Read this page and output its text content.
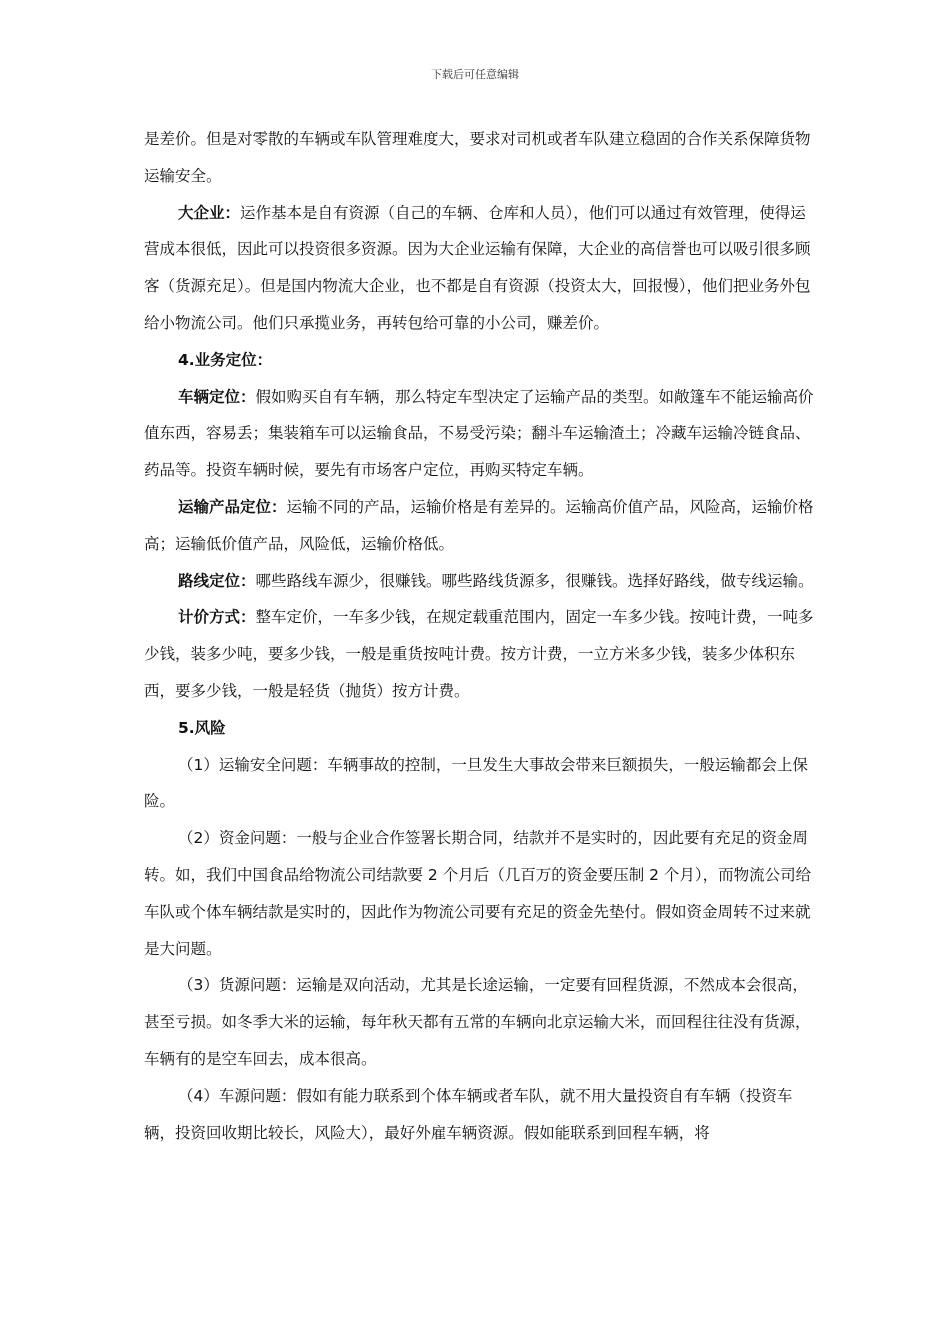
下载后可任意编辑

是差价。但是对零散的车辆或车队管理难度大，要求对司机或者车队建立稳固的合作关系保障货物运输安全。

大企业：运作基本是自有资源（自己的车辆、仓库和人员），他们可以通过有效管理，使得运营成本很低，因此可以投资很多资源。因为大企业运输有保障，大企业的高信誉也可以吸引很多顾客（货源充足）。但是国内物流大企业，也不都是自有资源（投资太大，回报慢），他们把业务外包给小物流公司。他们只承揽业务，再转包给可靠的小公司，赚差价。

4.业务定位：

车辆定位：假如购买自有车辆，那么特定车型决定了运输产品的类型。如敞篷车不能运输高价值东西，容易丢；集装箱车可以运输食品，不易受污染；翻斗车运输渣土；冷藏车运输冷链食品、药品等。投资车辆时候，要先有市场客户定位，再购买特定车辆。

运输产品定位：运输不同的产品，运输价格是有差异的。运输高价值产品，风险高，运输价格高；运输低价值产品，风险低，运输价格低。

路线定位：哪些路线车源少，很赚钱。哪些路线货源多，很赚钱。选择好路线，做专线运输。

计价方式：整车定价，一车多少钱，在规定载重范围内，固定一车多少钱。按吨计费，一吨多少钱，装多少吨，要多少钱，一般是重货按吨计费。按方计费，一立方米多少钱，装多少体积东西，要多少钱，一般是轻货（抛货）按方计费。

5.风险

（1）运输安全问题：车辆事故的控制，一旦发生大事故会带来巨额损失，一般运输都会上保险。

（2）资金问题：一般与企业合作签署长期合同，结款并不是实时的，因此要有充足的资金周转。如，我们中国食品给物流公司结款要 2 个月后（几百万的资金要压制 2 个月），而物流公司给车队或个体车辆结款是实时的，因此作为物流公司要有充足的资金先垫付。假如资金周转不过来就是大问题。

（3）货源问题：运输是双向活动，尤其是长途运输，一定要有回程货源，不然成本会很高，甚至亏损。如冬季大米的运输，每年秋天都有五常的车辆向北京运输大米，而回程往往没有货源，车辆有的是空车回去，成本很高。

（4）车源问题：假如有能力联系到个体车辆或者车队，就不用大量投资自有车辆（投资车辆，投资回收期比较长，风险大），最好外雇车辆资源。假如能联系到回程车辆，将
